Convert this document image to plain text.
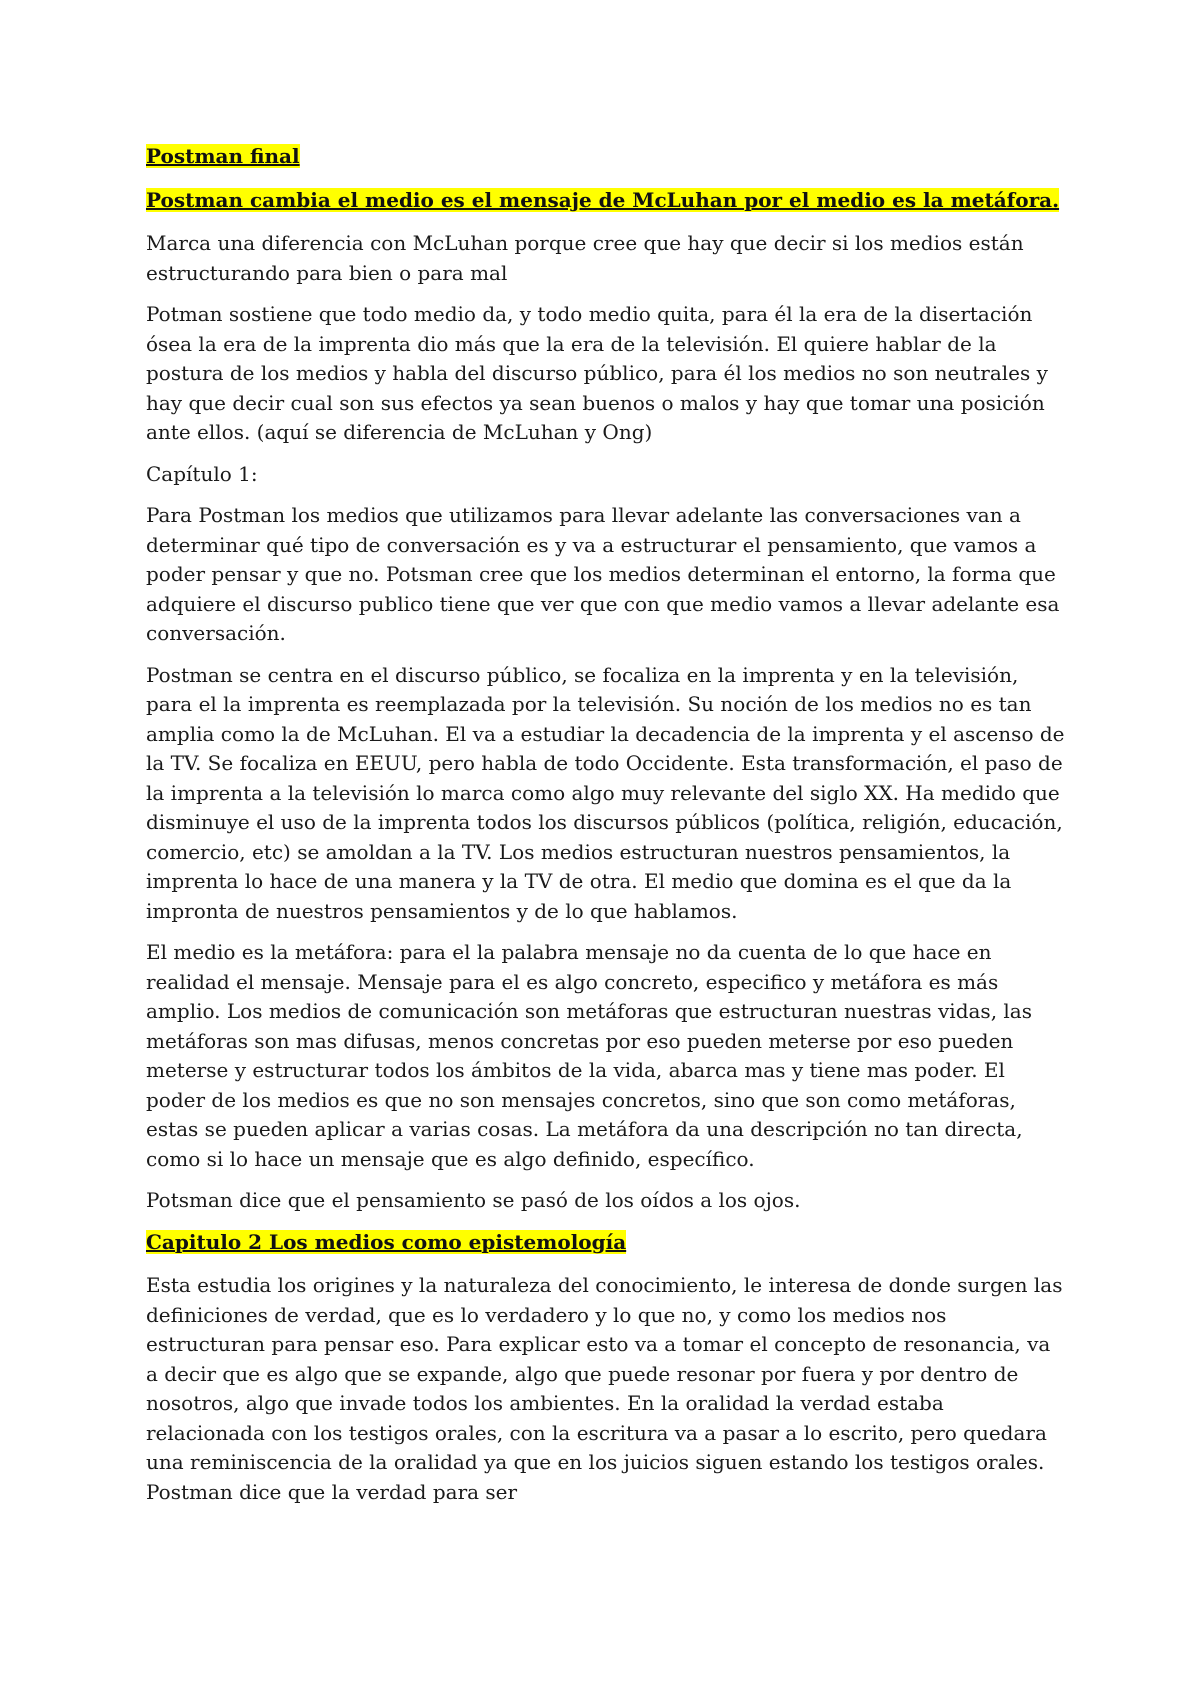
Postman final

Postman cambia el medio es el mensaje de McLuhan por el medio es la metáfora.

Marca una diferencia con McLuhan porque cree que hay que decir si los medios están estructurando para bien o para mal

Potman sostiene que todo medio da, y todo medio quita, para él la era de la disertación ósea la era de la imprenta dio más que la era de la televisión. El quiere hablar de la postura de los medios y habla del discurso público, para él los medios no son neutrales y hay que decir cual son sus efectos ya sean buenos o malos y hay que tomar una posición ante ellos. (aquí se diferencia de McLuhan y Ong)

Capítulo 1:

Para Postman los medios que utilizamos para llevar adelante las conversaciones van a determinar qué tipo de conversación es y va a estructurar el pensamiento, que vamos a poder pensar y que no. Potsman cree que los medios determinan el entorno, la forma que adquiere el discurso publico tiene que ver que con que medio vamos a llevar adelante esa conversación.

Postman se centra en el discurso público, se focaliza en la imprenta y en la televisión, para el la imprenta es reemplazada por la televisión. Su noción de los medios no es tan amplia como la de McLuhan. El va a estudiar la decadencia de la imprenta y el ascenso de la TV. Se focaliza en EEUU, pero habla de todo Occidente. Esta transformación, el paso de la imprenta a la televisión lo marca como algo muy relevante del siglo XX. Ha medido que disminuye el uso de la imprenta todos los discursos públicos (política, religión, educación, comercio, etc) se amoldan a la TV. Los medios estructuran nuestros pensamientos, la imprenta lo hace de una manera y la TV de otra. El medio que domina es el que da la impronta de nuestros pensamientos y de lo que hablamos.

El medio es la metáfora: para el la palabra mensaje no da cuenta de lo que hace en realidad el mensaje. Mensaje para el es algo concreto, especifico y metáfora es más amplio. Los medios de comunicación son metáforas que estructuran nuestras vidas, las metáforas son mas difusas, menos concretas por eso pueden meterse por eso pueden meterse y estructurar todos los ámbitos de la vida, abarca mas y tiene mas poder. El poder de los medios es que no son mensajes concretos, sino que son como metáforas, estas se pueden aplicar a varias cosas. La metáfora da una descripción no tan directa, como si lo hace un mensaje que es algo definido, específico.

Potsman dice que el pensamiento se pasó de los oídos a los ojos.

Capitulo 2 Los medios como epistemología

Esta estudia los origines y la naturaleza del conocimiento, le interesa de donde surgen las definiciones de verdad, que es lo verdadero y lo que no, y como los medios nos estructuran para pensar eso. Para explicar esto va a tomar el concepto de resonancia, va a decir que es algo que se expande, algo que puede resonar por fuera y por dentro de nosotros, algo que invade todos los ambientes. En la oralidad la verdad estaba relacionada con los testigos orales, con la escritura va a pasar a lo escrito, pero quedara una reminiscencia de la oralidad ya que en los juicios siguen estando los testigos orales. Postman dice que la verdad para ser
